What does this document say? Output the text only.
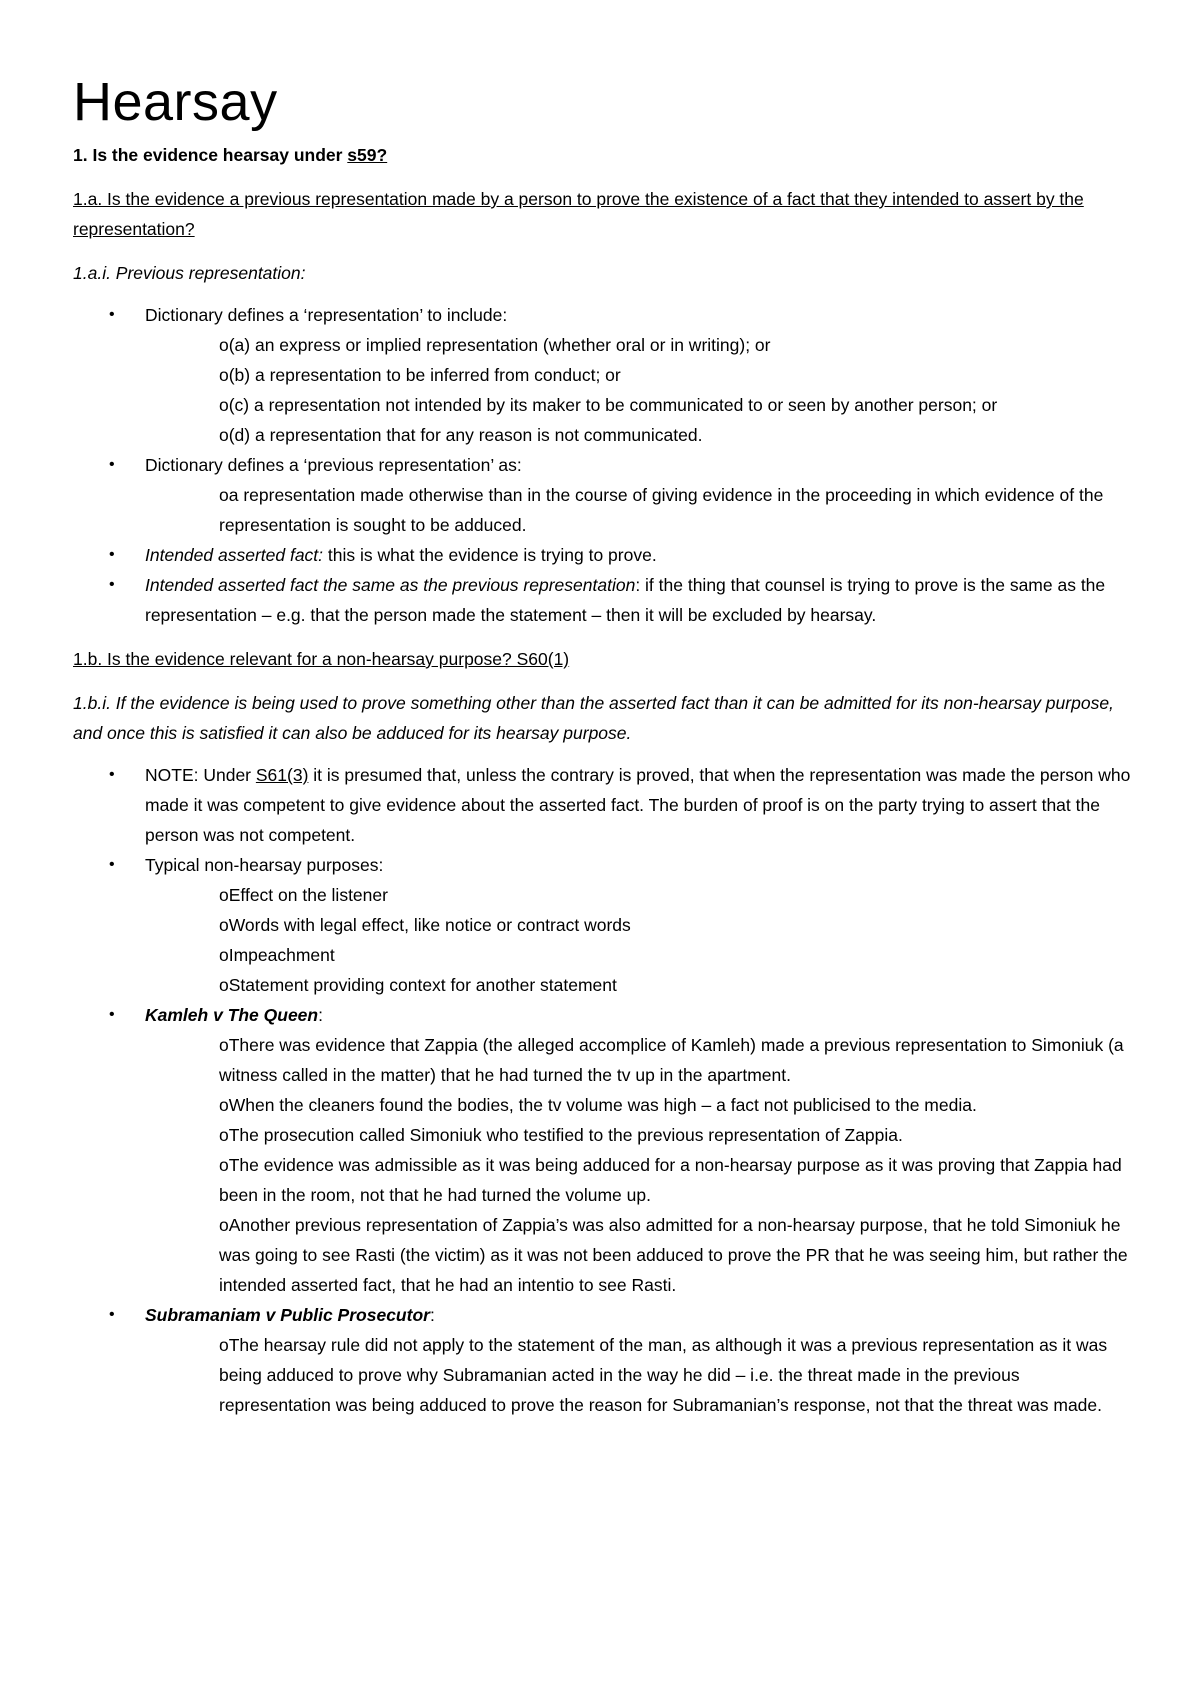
Hearsay

1. Is the evidence hearsay under s59?

1.a. Is the evidence a previous representation made by a person to prove the existence of a fact that they intended to assert by the representation?

1.a.i. Previous representation:

•	Dictionary defines a ‘representation’ to include:
o(a) an express or implied representation (whether oral or in writing); or
o(b) a representation to be inferred from conduct; or
o(c) a representation not intended by its maker to be communicated to or seen by another person; or
o(d) a representation that for any reason is not communicated.
•	Dictionary defines a ‘previous representation’ as:
oa representation made otherwise than in the course of giving evidence in the proceeding in which evidence of the representation is sought to be adduced.
•	Intended asserted fact: this is what the evidence is trying to prove.
•	Intended asserted fact the same as the previous representation: if the thing that counsel is trying to prove is the same as the representation – e.g. that the person made the statement – then it will be excluded by hearsay.

1.b. Is the evidence relevant for a non-hearsay purpose? S60(1)

1.b.i. If the evidence is being used to prove something other than the asserted fact than it can be admitted for its non-hearsay purpose, and once this is satisfied it can also be adduced for its hearsay purpose.

•	NOTE: Under S61(3) it is presumed that, unless the contrary is proved, that when the representation was made the person who made it was competent to give evidence about the asserted fact. The burden of proof is on the party trying to assert that the person was not competent.
•	Typical non-hearsay purposes:
oEffect on the listener
oWords with legal effect, like notice or contract words
oImpeachment
oStatement providing context for another statement
•	Kamleh v The Queen:
oThere was evidence that Zappia (the alleged accomplice of Kamleh) made a previous representation to Simoniuk (a witness called in the matter) that he had turned the tv up in the apartment.
oWhen the cleaners found the bodies, the tv volume was high – a fact not publicised to the media.
oThe prosecution called Simoniuk who testified to the previous representation of Zappia.
oThe evidence was admissible as it was being adduced for a non-hearsay purpose as it was proving that Zappia had been in the room, not that he had turned the volume up.
oAnother previous representation of Zappia’s was also admitted for a non-hearsay purpose, that he told Simoniuk he was going to see Rasti (the victim) as it was not been adduced to prove the PR that he was seeing him, but rather the intended asserted fact, that he had an intentio to see Rasti.
•	Subramaniam v Public Prosecutor:
oThe hearsay rule did not apply to the statement of the man, as although it was a previous representation as it was being adduced to prove why Subramanian acted in the way he did – i.e. the threat made in the previous representation was being adduced to prove the reason for Subramanian’s response, not that the threat was made.
